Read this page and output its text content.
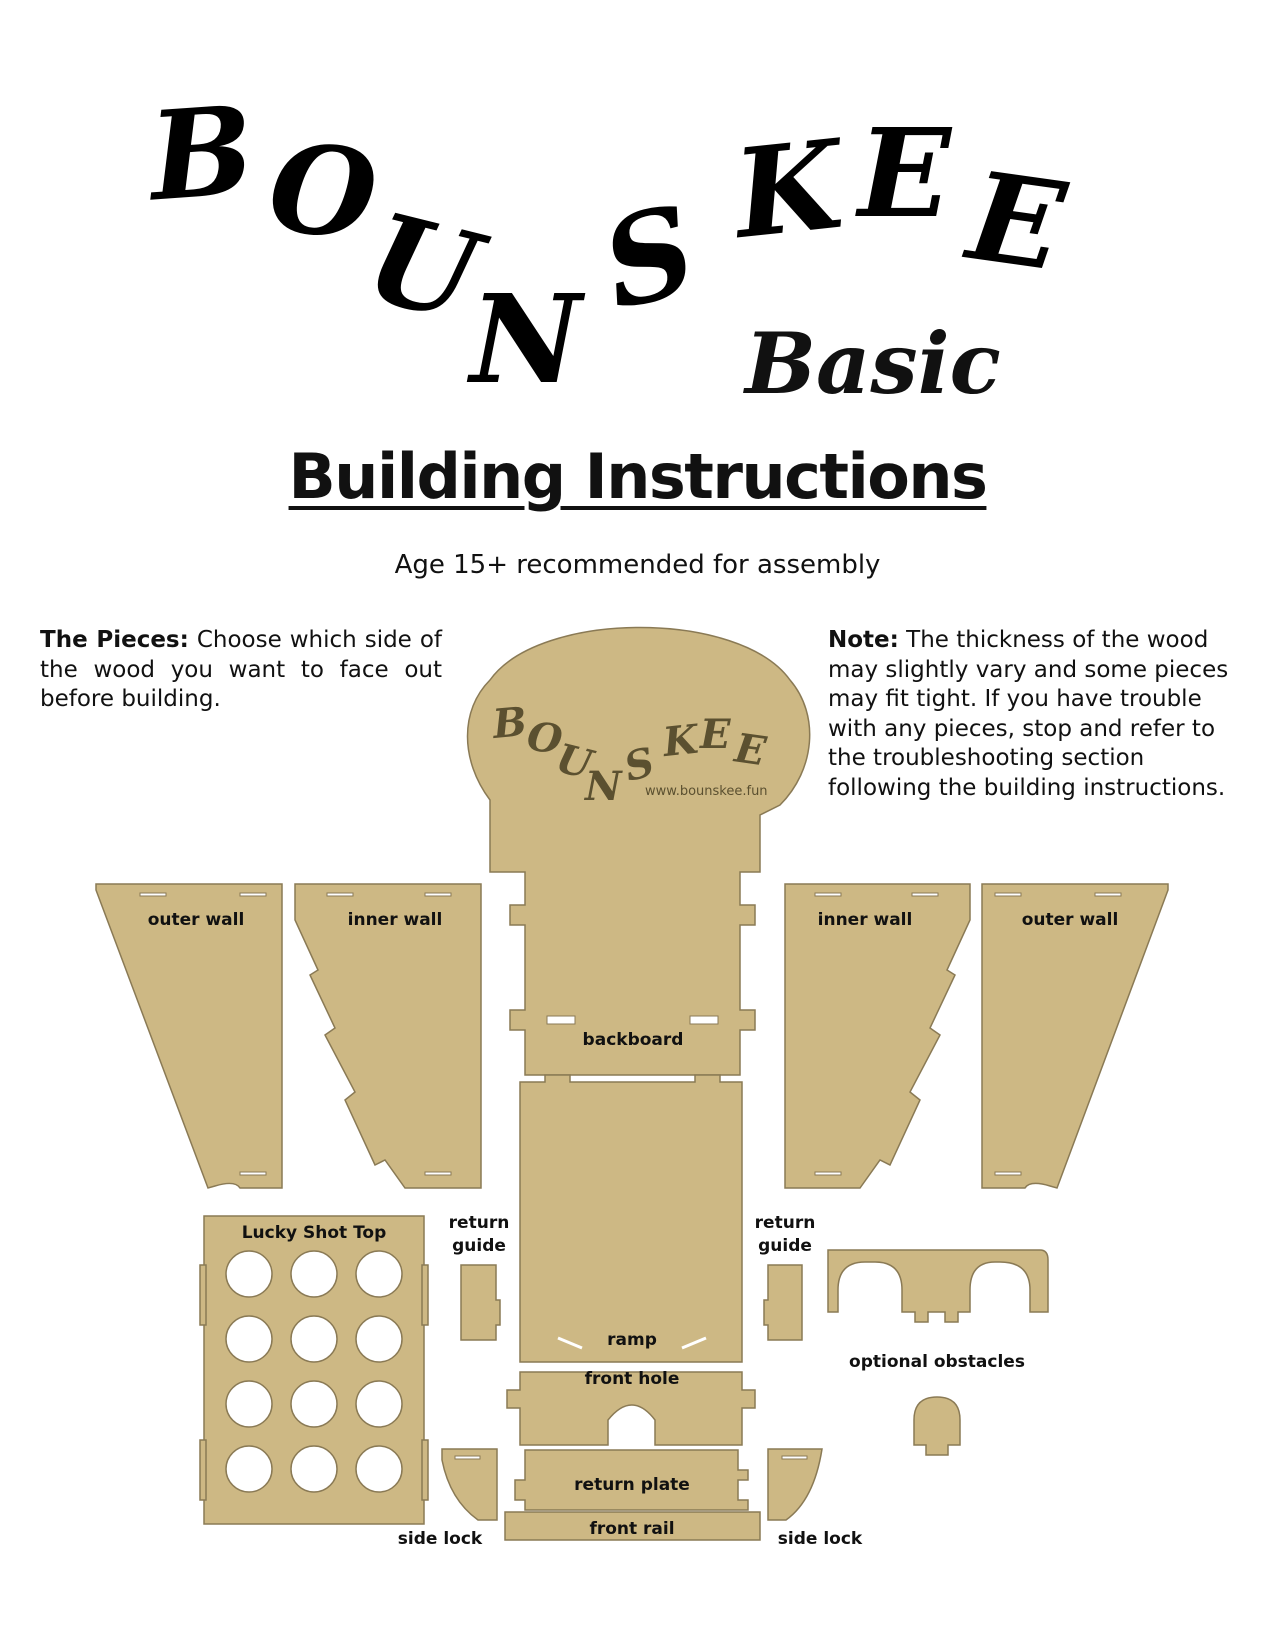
B O
U
N
S K E E
Basic
Building Instructions
Age 15+ recommended for assembly
The Pieces: Choose which side of the wood you want to face out before building.
Note: The thickness of the wood may slightly vary and some pieces may fit tight. If you have trouble with any pieces, stop and refer to the troubleshooting section following the building instructions.
B
O
U
N
S K E E
www.bounskee.fun
backboard
outer wall	inner wall	inner wall	outer wall
ramp
front hole
return plate
front rail
Lucky Shot Top	return
guide
return
guide
optional obstacles
side lock	side lock
